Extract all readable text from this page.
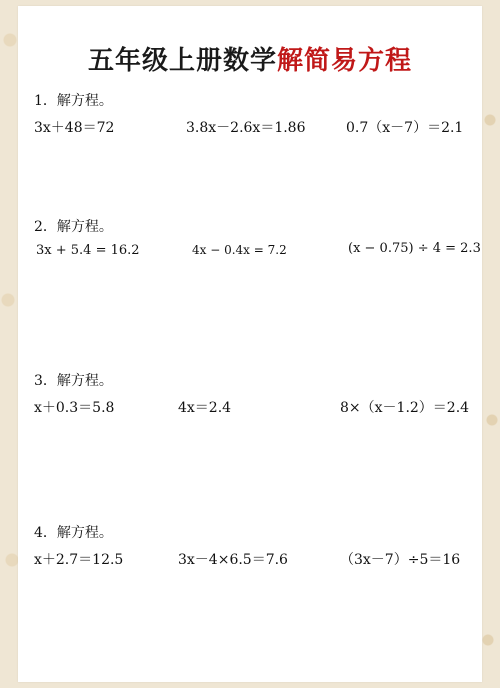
五年级上册数学解简易方程
1．解方程。
3x＋48＝72	3.8x－2.6x＝1.86	0.7（x－7）＝2.1
2．解方程。
3x + 5.4 = 16.2	4x − 0.4x = 7.2	(x − 0.75) ÷ 4 = 2.3
3．解方程。
x＋0.3＝5.8	4x＝2.4	8×（x－1.2）＝2.4
4．解方程。
x＋2.7＝12.5	3x－4×6.5＝7.6	（3x－7）÷5＝16
